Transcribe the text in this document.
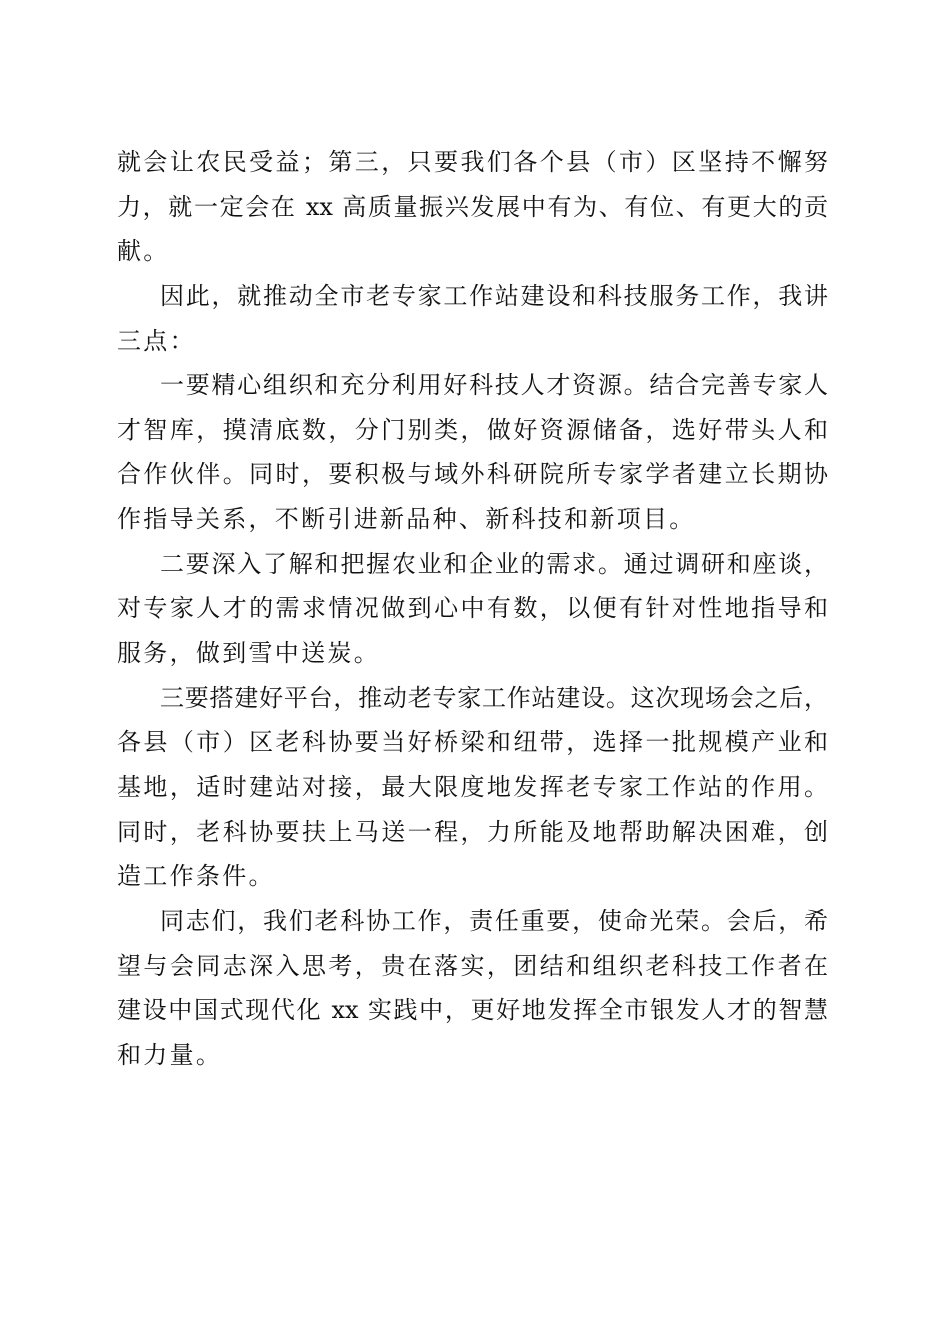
就会让农民受益；第三，只要我们各个县（市）区坚持不懈努
力，就一定会在 xx 高质量振兴发展中有为、有位、有更大的贡
献。
因此，就推动全市老专家工作站建设和科技服务工作，我讲
三点：
一要精心组织和充分利用好科技人才资源。结合完善专家人
才智库，摸清底数，分门别类，做好资源储备，选好带头人和
合作伙伴。同时，要积极与域外科研院所专家学者建立长期协
作指导关系，不断引进新品种、新科技和新项目。
二要深入了解和把握农业和企业的需求。通过调研和座谈，
对专家人才的需求情况做到心中有数，以便有针对性地指导和
服务，做到雪中送炭。
三要搭建好平台，推动老专家工作站建设。这次现场会之后，
各县（市）区老科协要当好桥梁和纽带，选择一批规模产业和
基地，适时建站对接，最大限度地发挥老专家工作站的作用。
同时，老科协要扶上马送一程，力所能及地帮助解决困难，创
造工作条件。
同志们，我们老科协工作，责任重要，使命光荣。会后，希
望与会同志深入思考，贵在落实，团结和组织老科技工作者在
建设中国式现代化 xx 实践中，更好地发挥全市银发人才的智慧
和力量。
